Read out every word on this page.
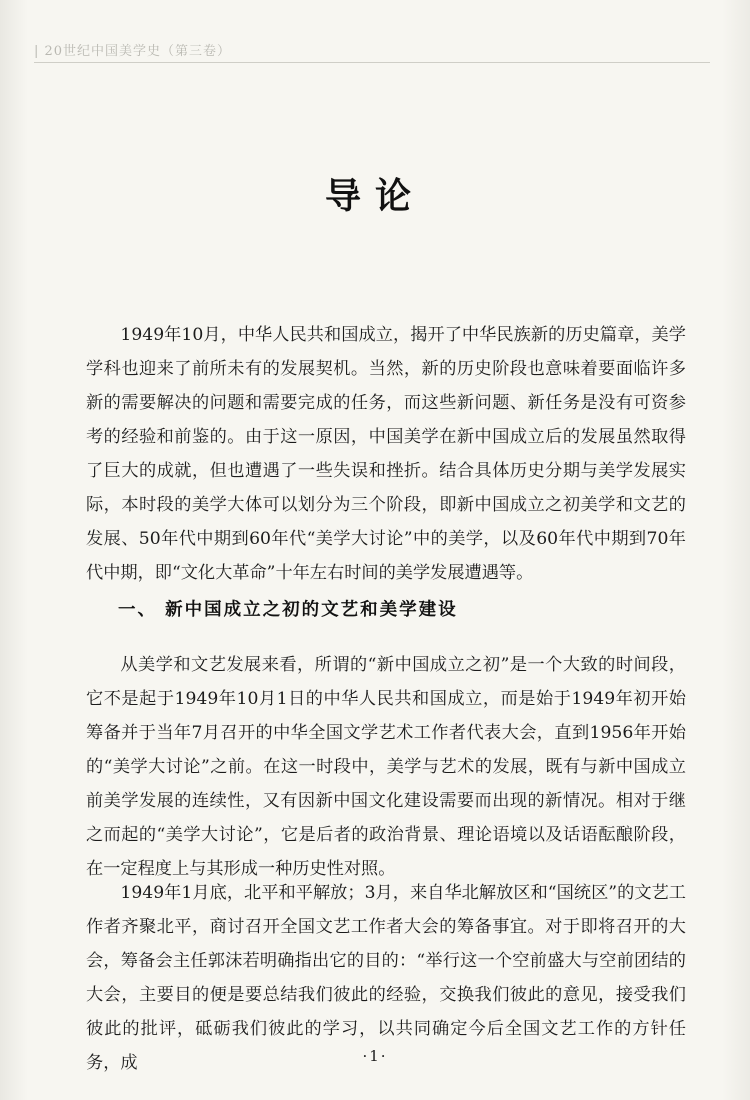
| 20世纪中国美学史（第三卷）
导论

1949年10月，中华人民共和国成立，揭开了中华民族新的历史篇章，美学学科也迎来了前所未有的发展契机。当然，新的历史阶段也意味着要面临许多新的需要解决的问题和需要完成的任务，而这些新问题、新任务是没有可资参考的经验和前鉴的。由于这一原因，中国美学在新中国成立后的发展虽然取得了巨大的成就，但也遭遇了一些失误和挫折。结合具体历史分期与美学发展实际，本时段的美学大体可以划分为三个阶段，即新中国成立之初美学和文艺的发展、50年代中期到60年代“美学大讨论”中的美学，以及60年代中期到70年代中期，即“文化大革命”十年左右时间的美学发展遭遇等。

一、 新中国成立之初的文艺和美学建设

从美学和文艺发展来看，所谓的“新中国成立之初”是一个大致的时间段，它不是起于1949年10月1日的中华人民共和国成立，而是始于1949年初开始筹备并于当年7月召开的中华全国文学艺术工作者代表大会，直到1956年开始的“美学大讨论”之前。在这一时段中，美学与艺术的发展，既有与新中国成立前美学发展的连续性，又有因新中国文化建设需要而出现的新情况。相对于继之而起的“美学大讨论”，它是后者的政治背景、理论语境以及话语酝酿阶段，在一定程度上与其形成一种历史性对照。

1949年1月底，北平和平解放；3月，来自华北解放区和“国统区”的文艺工作者齐聚北平，商讨召开全国文艺工作者大会的筹备事宜。对于即将召开的大会，筹备会主任郭沫若明确指出它的目的：“举行这一个空前盛大与空前团结的大会，主要目的便是要总结我们彼此的经验，交换我们彼此的意见，接受我们彼此的批评，砥砺我们彼此的学习，以共同确定今后全国文艺工作的方针任务，成	·1·
